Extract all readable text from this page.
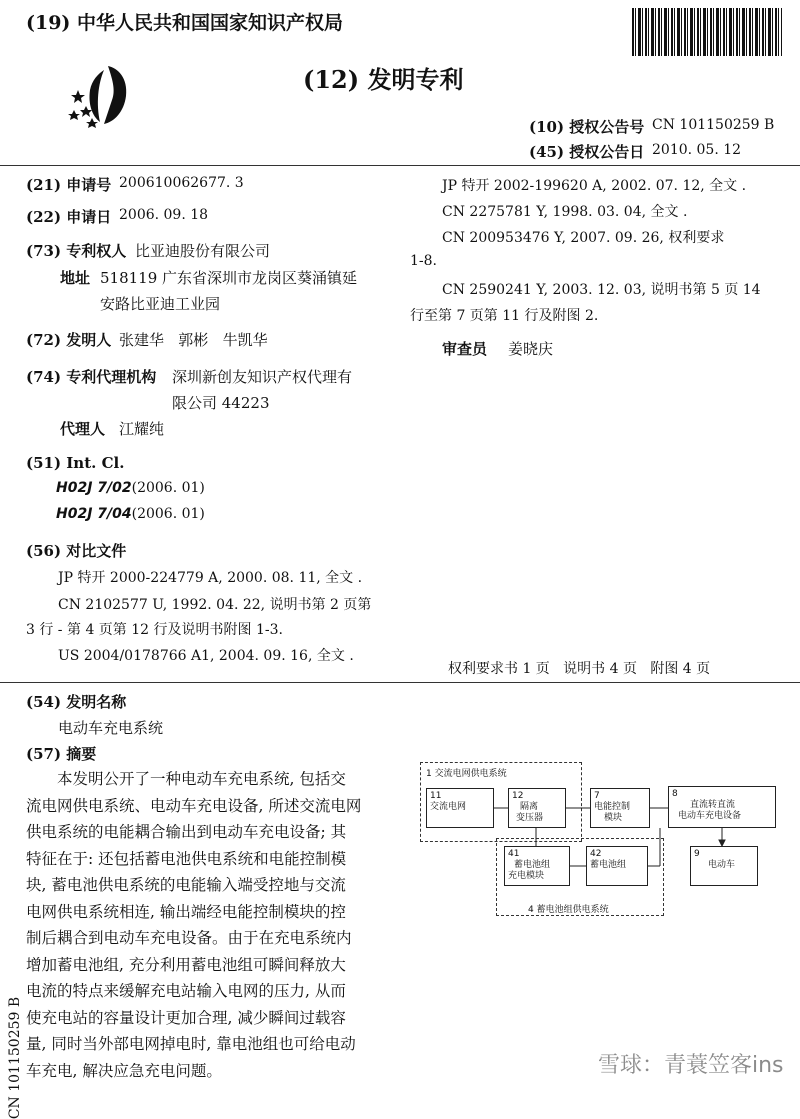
(19) 中华人民共和国国家知识产权局
(12) 发明专利
(10) 授权公告号 CN 101150259 B
(45) 授权公告日 2010. 05. 12
(21) 申请号 200610062677. 3
(22) 申请日 2006. 09. 18
(73) 专利权人 比亚迪股份有限公司
地址 518119 广东省深圳市龙岗区葵涌镇延
安路比亚迪工业园
(72) 发明人 张建华   郭彬   牛凯华
(74) 专利代理机构 深圳新创友知识产权代理有
限公司 44223
代理人 江耀纯
(51) Int. Cl.
H02J 7/02(2006. 01)
H02J 7/04(2006. 01)
(56) 对比文件
JP 特开 2000-224779 A, 2000. 08. 11, 全文 .
CN 2102577 U, 1992. 04. 22, 说明书第 2 页第
3 行 - 第 4 页第 12 行及说明书附图 1-3.
US 2004/0178766 A1, 2004. 09. 16, 全文 .
JP 特开 2002-199620 A, 2002. 07. 12, 全文 .
CN 2275781 Y, 1998. 03. 04, 全文 .
CN 200953476 Y, 2007. 09. 26, 权利要求
1-8.
CN 2590241 Y, 2003. 12. 03, 说明书第 5 页 14
行至第 7 页第 11 行及附图 2.
审查员 姜晓庆
权利要求书 1 页   说明书 4 页   附图 4 页
(54) 发明名称
电动车充电系统
(57) 摘要
本发明公开了一种电动车充电系统, 包括交
流电网供电系统、电动车充电设备, 所述交流电网
供电系统的电能耦合输出到电动车充电设备; 其
特征在于: 还包括蓄电池供电系统和电能控制模
块, 蓄电池供电系统的电能输入端受控地与交流
电网供电系统相连, 输出端经电能控制模块的控
制后耦合到电动车充电设备。由于在充电系统内
增加蓄电池组, 充分利用蓄电池组可瞬间释放大
电流的特点来缓解充电站输入电网的压力, 从而
使充电站的容量设计更加合理, 减少瞬间过载容
量, 同时当外部电网掉电时, 靠电池组也可给电动
车充电, 解决应急充电问题。
1 交流电网供电系统
4 蓄电池组供电系统
11
交流电网
12
隔离
变压器
7
电能控制
模块
8
直流转直流
电动车充电设备
41
蓄电池组
充电模块
42
蓄电池组
9
电动车
CN 101150259 B	雪球：青蓑笠客ins
